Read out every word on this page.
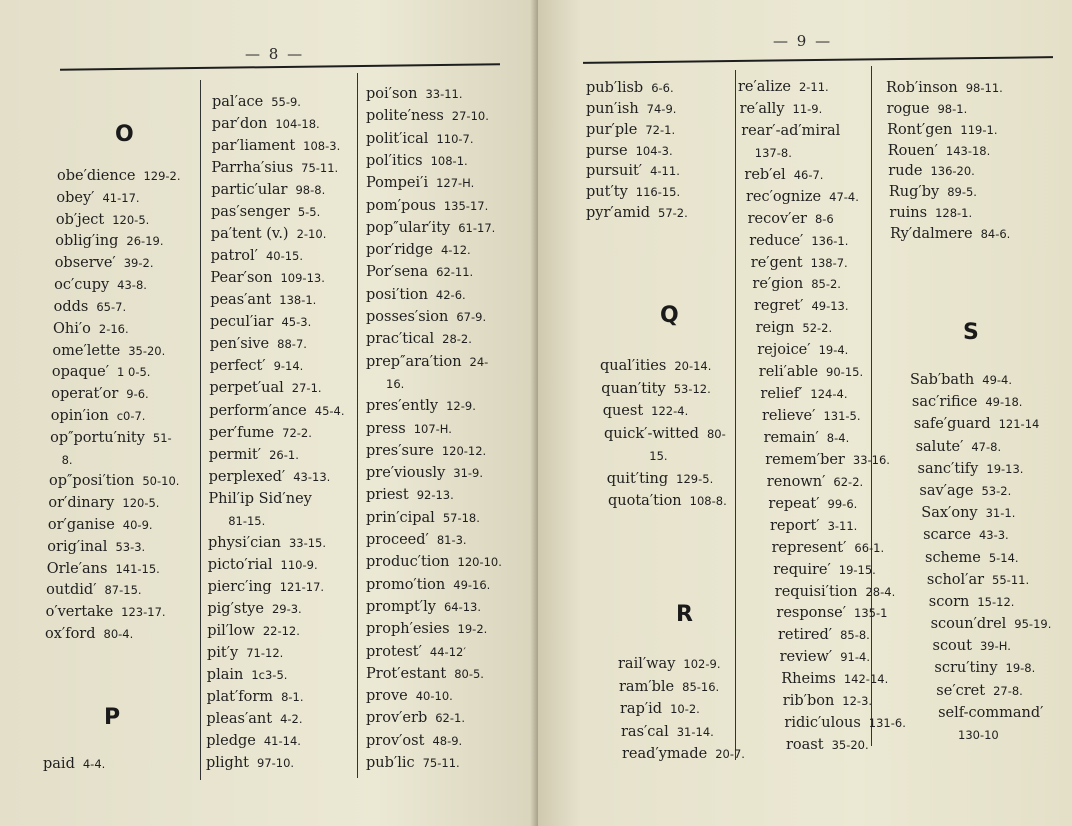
— 8 —
O
obe′dience 129-2.
obey′ 41-17.
ob′ject 120-5.
oblig′ing 26-19.
observe′ 39-2.
oc′cupy 43-8.
odds 65-7.
Ohi′o 2-16.
ome′lette 35-20.
opaque′ 1 0-5.
operat′or 9-6.
opin′ion c0-7.
op″portu′nity 51-
8.
op″posi′tion 50-10.
or′dinary 120-5.
or′ganise 40-9.
orig′inal 53-3.
Orle′ans 141-15.
outdid′ 87-15.
o′vertake 123-17.
ox′ford 80-4.
paid 4-4.
P
pal′ace 55-9.
par′don 104-18.
par′liament 108-3.
Parrha′sius 75-11.
partic′ular 98-8.
pas′senger 5-5.
pa′tent (v.) 2-10.
patrol′ 40-15.
Pear′son 109-13.
peas′ant 138-1.
pecul′iar 45-3.
pen′sive 88-7.
perfect′ 9-14.
perpet′ual 27-1.
perform′ance 45-4.
per′fume 72-2.
permit′ 26-1.
perplexed′ 43-13.
Phil′ip Sid′ney
81-15.
physi′cian 33-15.
picto′rial 110-9.
pierc′ing 121-17.
pig′stye 29-3.
pil′low 22-12.
pit′y 71-12.
plain 1c3-5.
plat′form 8-1.
pleas′ant 4-2.
pledge 41-14.
plight 97-10.
poi′son 33-11.
polite′ness 27-10.
polit′ical 110-7.
pol′itics 108-1.
Pompei′i 127-H.
pom′pous 135-17.
pop″ular′ity 61-17.
por′ridge 4-12.
Por′sena 62-11.
posi′tion 42-6.
posses′sion 67-9.
prac′tical 28-2.
prep″ara′tion 24-
16.
pres′ently 12-9.
press 107-H.
pres′sure 120-12.
pre′viously 31-9.
priest 92-13.
prin′cipal 57-18.
proceed′ 81-3.
produc′tion 120-10.
promo′tion 49-16.
prompt′ly 64-13.
proph′esies 19-2.
protest′ 44-12′
Prot′estant 80-5.
prove 40-10.
prov′erb 62-1.
prov′ost 48-9.
pub′lic 75-11.
— 9 —
pub′lisb 6-6.
pun′ish 74-9.
pur′ple 72-1.
purse 104-3.
pursuit′ 4-11.
put′ty 116-15.
pyr′amid 57-2.
qual′ities 20-14.
quan′tity 53-12.
quest 122-4.
quick′-witted 80-
15.
quit′ting 129-5.
quota′tion 108-8.
rail′way 102-9.
ram′ble 85-16.
rap′id 10-2.
ras′cal 31-14.
read′ymade 20-7.
Q
R
re′alize 2-11.
re′ally 11-9.
rear′-ad′miral
137-8.
reb′el 46-7.
rec′ognize 47-4.
recov′er 8-6
reduce′ 136-1.
re′gent 138-7.
re′gion 85-2.
regret′ 49-13.
reign 52-2.
rejoice′ 19-4.
reli′able 90-15.
relief′ 124-4.
relieve′ 131-5.
remain′ 8-4.
remem′ber 33-16.
renown′ 62-2.
repeat′ 99-6.
report′ 3-11.
represent′ 66-1.
require′ 19-15.
requisi′tion 28-4.
response′ 135-1
retired′ 85-8.
review′ 91-4.
Rheims 142-14.
rib′bon 12-3.
ridic′ulous 131-6.
roast 35-20.
Rob′inson 98-11.
rogue 98-1.
Ront′gen 119-1.
Rouen′ 143-18.
rude 136-20.
Rug′by 89-5.
ruins 128-1.
Ry′dalmere 84-6.
Sab′bath 49-4.
sac′rifice 49-18.
safe′guard 121-14
salute′ 47-8.
sanc′tify 19-13.
sav′age 53-2.
Sax′ony 31-1.
scarce 43-3.
scheme 5-14.
schol′ar 55-11.
scorn 15-12.
scoun′drel 95-19.
scout 39-H.
scru′tiny 19-8.
se′cret 27-8.
self-command′
130-10
S
